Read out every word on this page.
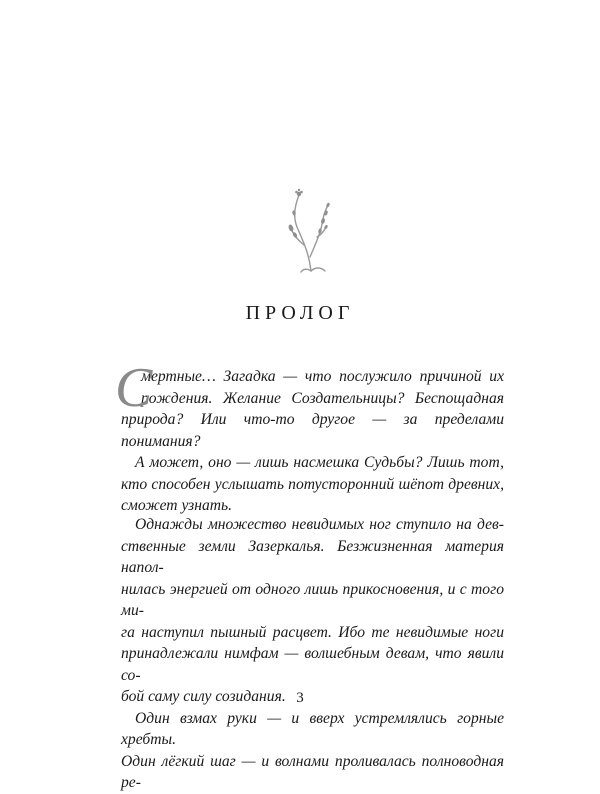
ПРОЛОГ

С
мертные… Загадка — что послужило причиной их

рождения. Желание Создательницы? Беспощадная

природа? Или что-то другое — за пределами понимания?

А может, оно — лишь насмешка Судьбы? Лишь тот,

кто способен услышать потусторонний шёпот древних,

сможет узнать.

Однажды множество невидимых ног ступило на дев-

ственные земли Зазеркалья. Безжизненная материя напол-

нилась энергией от одного лишь прикосновения, и с того ми-

га наступил пышный расцвет. Ибо те невидимые ноги

принадлежали нимфам — волшебным девам, что явили со-

бой саму силу созидания.

Один взмах руки — и вверх устремлялись горные хребты.

Один лёгкий шаг — и волнами проливалась полноводная ре-

3
